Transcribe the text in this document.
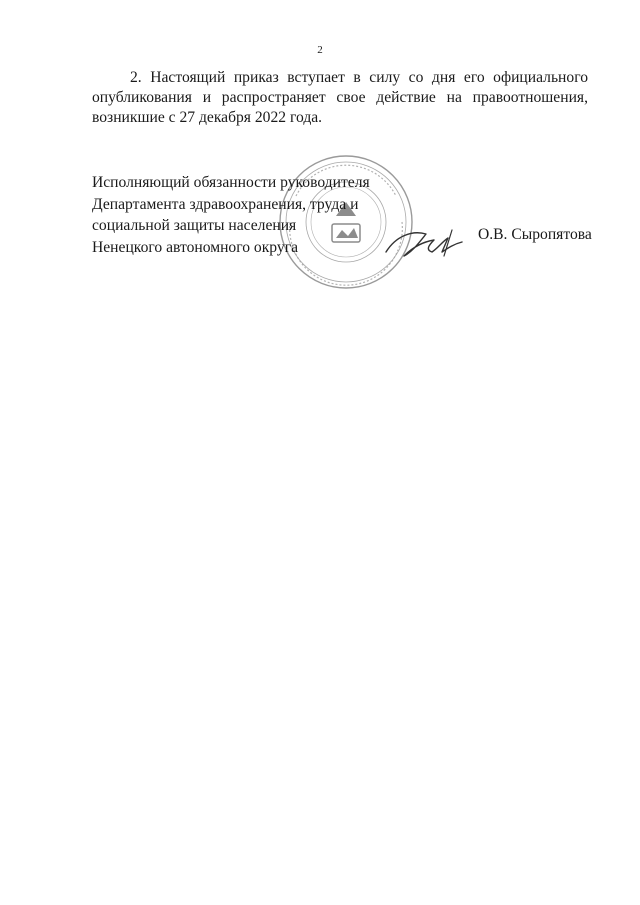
2
2. Настоящий приказ вступает в силу со дня его официального опубликования и распространяет свое действие на правоотношения, возникшие с 27 декабря 2022 года.
Исполняющий обязанности руководителя
Департамента здравоохранения, труда и
социальной защиты населения
Ненецкого автономного округа
О.В. Сыропятова
